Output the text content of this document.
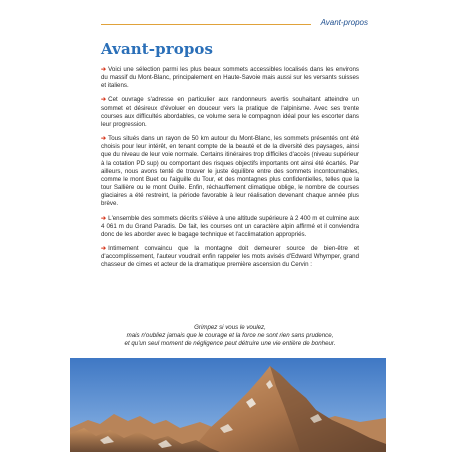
Avant-propos
Avant-propos

➔ Voici une sélection parmi les plus beaux sommets accessibles localisés dans les environs du massif du Mont-Blanc, principalement en Haute-Savoie mais aussi sur les versants suisses et italiens.

➔ Cet ouvrage s'adresse en particulier aux randonneurs avertis souhaitant atteindre un sommet et désireux d'évoluer en douceur vers la pratique de l'alpinisme. Avec ses trente courses aux difficultés abordables, ce volume sera le compagnon idéal pour les escorter dans leur progression.

➔ Tous situés dans un rayon de 50 km autour du Mont-Blanc, les sommets présentés ont été choisis pour leur intérêt, en tenant compte de la beauté et de la diversité des paysages, ainsi que du niveau de leur voie normale. Certains itinéraires trop difficiles d'accès (niveau supérieur à la cotation PD sup) ou comportant des risques objectifs importants ont ainsi été écartés. Par ailleurs, nous avons tenté de trouver le juste équilibre entre des sommets incontournables, comme le mont Buet ou l'aiguille du Tour, et des montagnes plus confidentielles, telles que la tour Sallière ou le mont Ouille. Enfin, réchauffement climatique oblige, le nombre de courses glaciaires a été restreint, la période favorable à leur réalisation devenant chaque année plus brève.

➔ L'ensemble des sommets décrits s'élève à une altitude supérieure à 2 400 m et culmine aux 4 061 m du Grand Paradis. De fait, les courses ont un caractère alpin affirmé et il conviendra donc de les aborder avec le bagage technique et l'acclimatation appropriés.

➔ Intimement convaincu que la montagne doit demeurer source de bien-être et d'accomplissement, l'auteur voudrait enfin rappeler les mots avisés d'Edward Whymper, grand chasseur de cimes et acteur de la dramatique première ascension du Cervin :

Grimpez si vous le voulez,
mais n'oubliez jamais que le courage et la force ne sont rien sans prudence,
et qu'un seul moment de négligence peut détruire une vie entière de bonheur.
